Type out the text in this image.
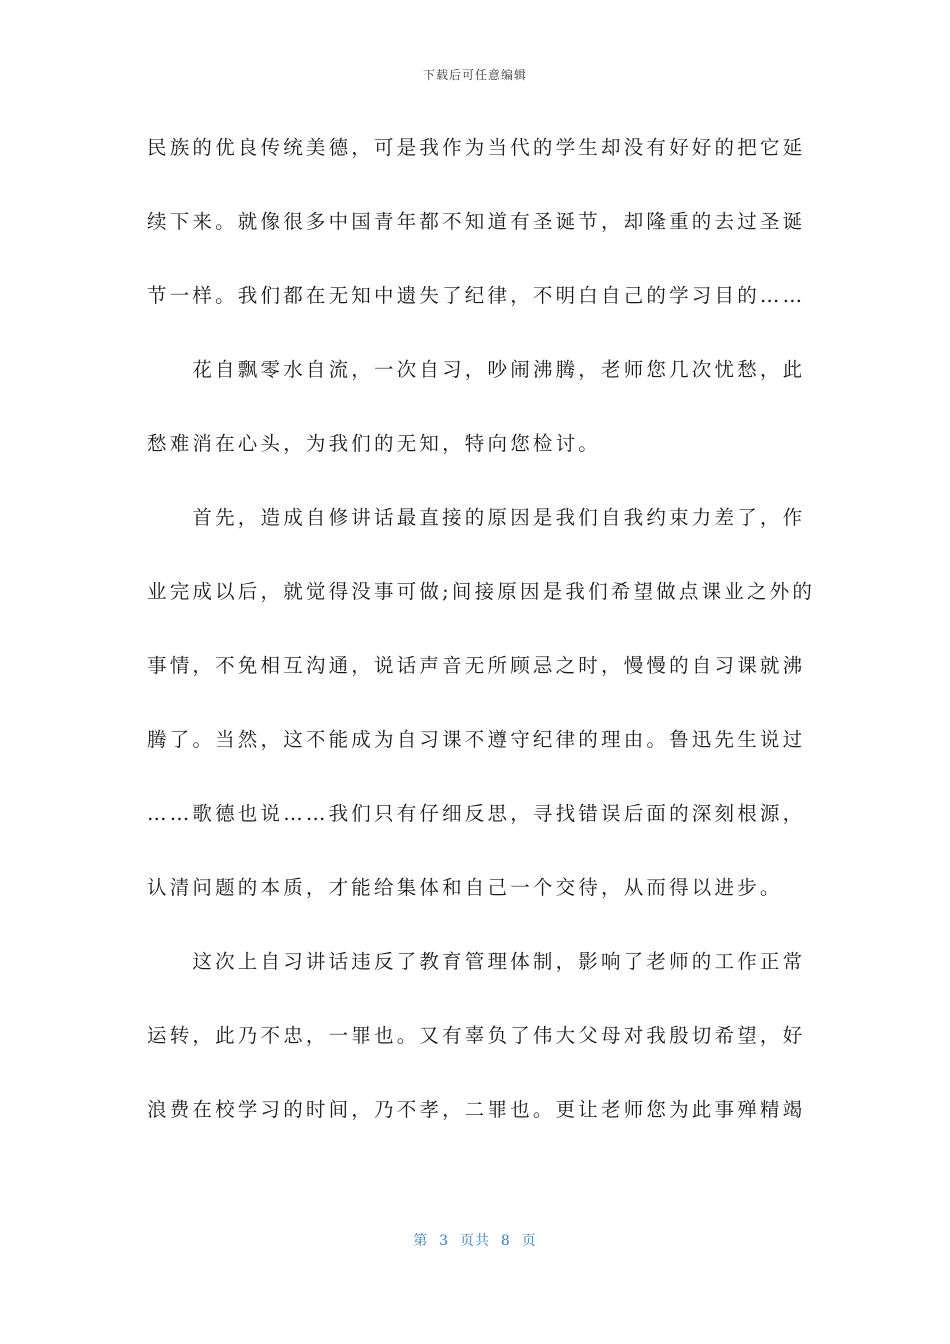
下载后可任意编辑
民族的优良传统美德，可是我作为当代的学生却没有好好的把它延
续下来。就像很多中国青年都不知道有圣诞节，却隆重的去过圣诞
节一样。我们都在无知中遗失了纪律，不明白自己的学习目的……
　　花自飘零水自流，一次自习，吵闹沸腾，老师您几次忧愁，此
愁难消在心头，为我们的无知，特向您检讨。
　　首先，造成自修讲话最直接的原因是我们自我约束力差了，作
业完成以后，就觉得没事可做;间接原因是我们希望做点课业之外的
事情，不免相互沟通，说话声音无所顾忌之时，慢慢的自习课就沸
腾了。当然，这不能成为自习课不遵守纪律的理由。鲁迅先生说过
……歌德也说……我们只有仔细反思，寻找错误后面的深刻根源，
认清问题的本质，才能给集体和自己一个交待，从而得以进步。
　　这次上自习讲话违反了教育管理体制，影响了老师的工作正常
运转，此乃不忠，一罪也。又有辜负了伟大父母对我殷切希望，好
浪费在校学习的时间，乃不孝，二罪也。更让老师您为此事殚精竭
第  3  页共  8  页
